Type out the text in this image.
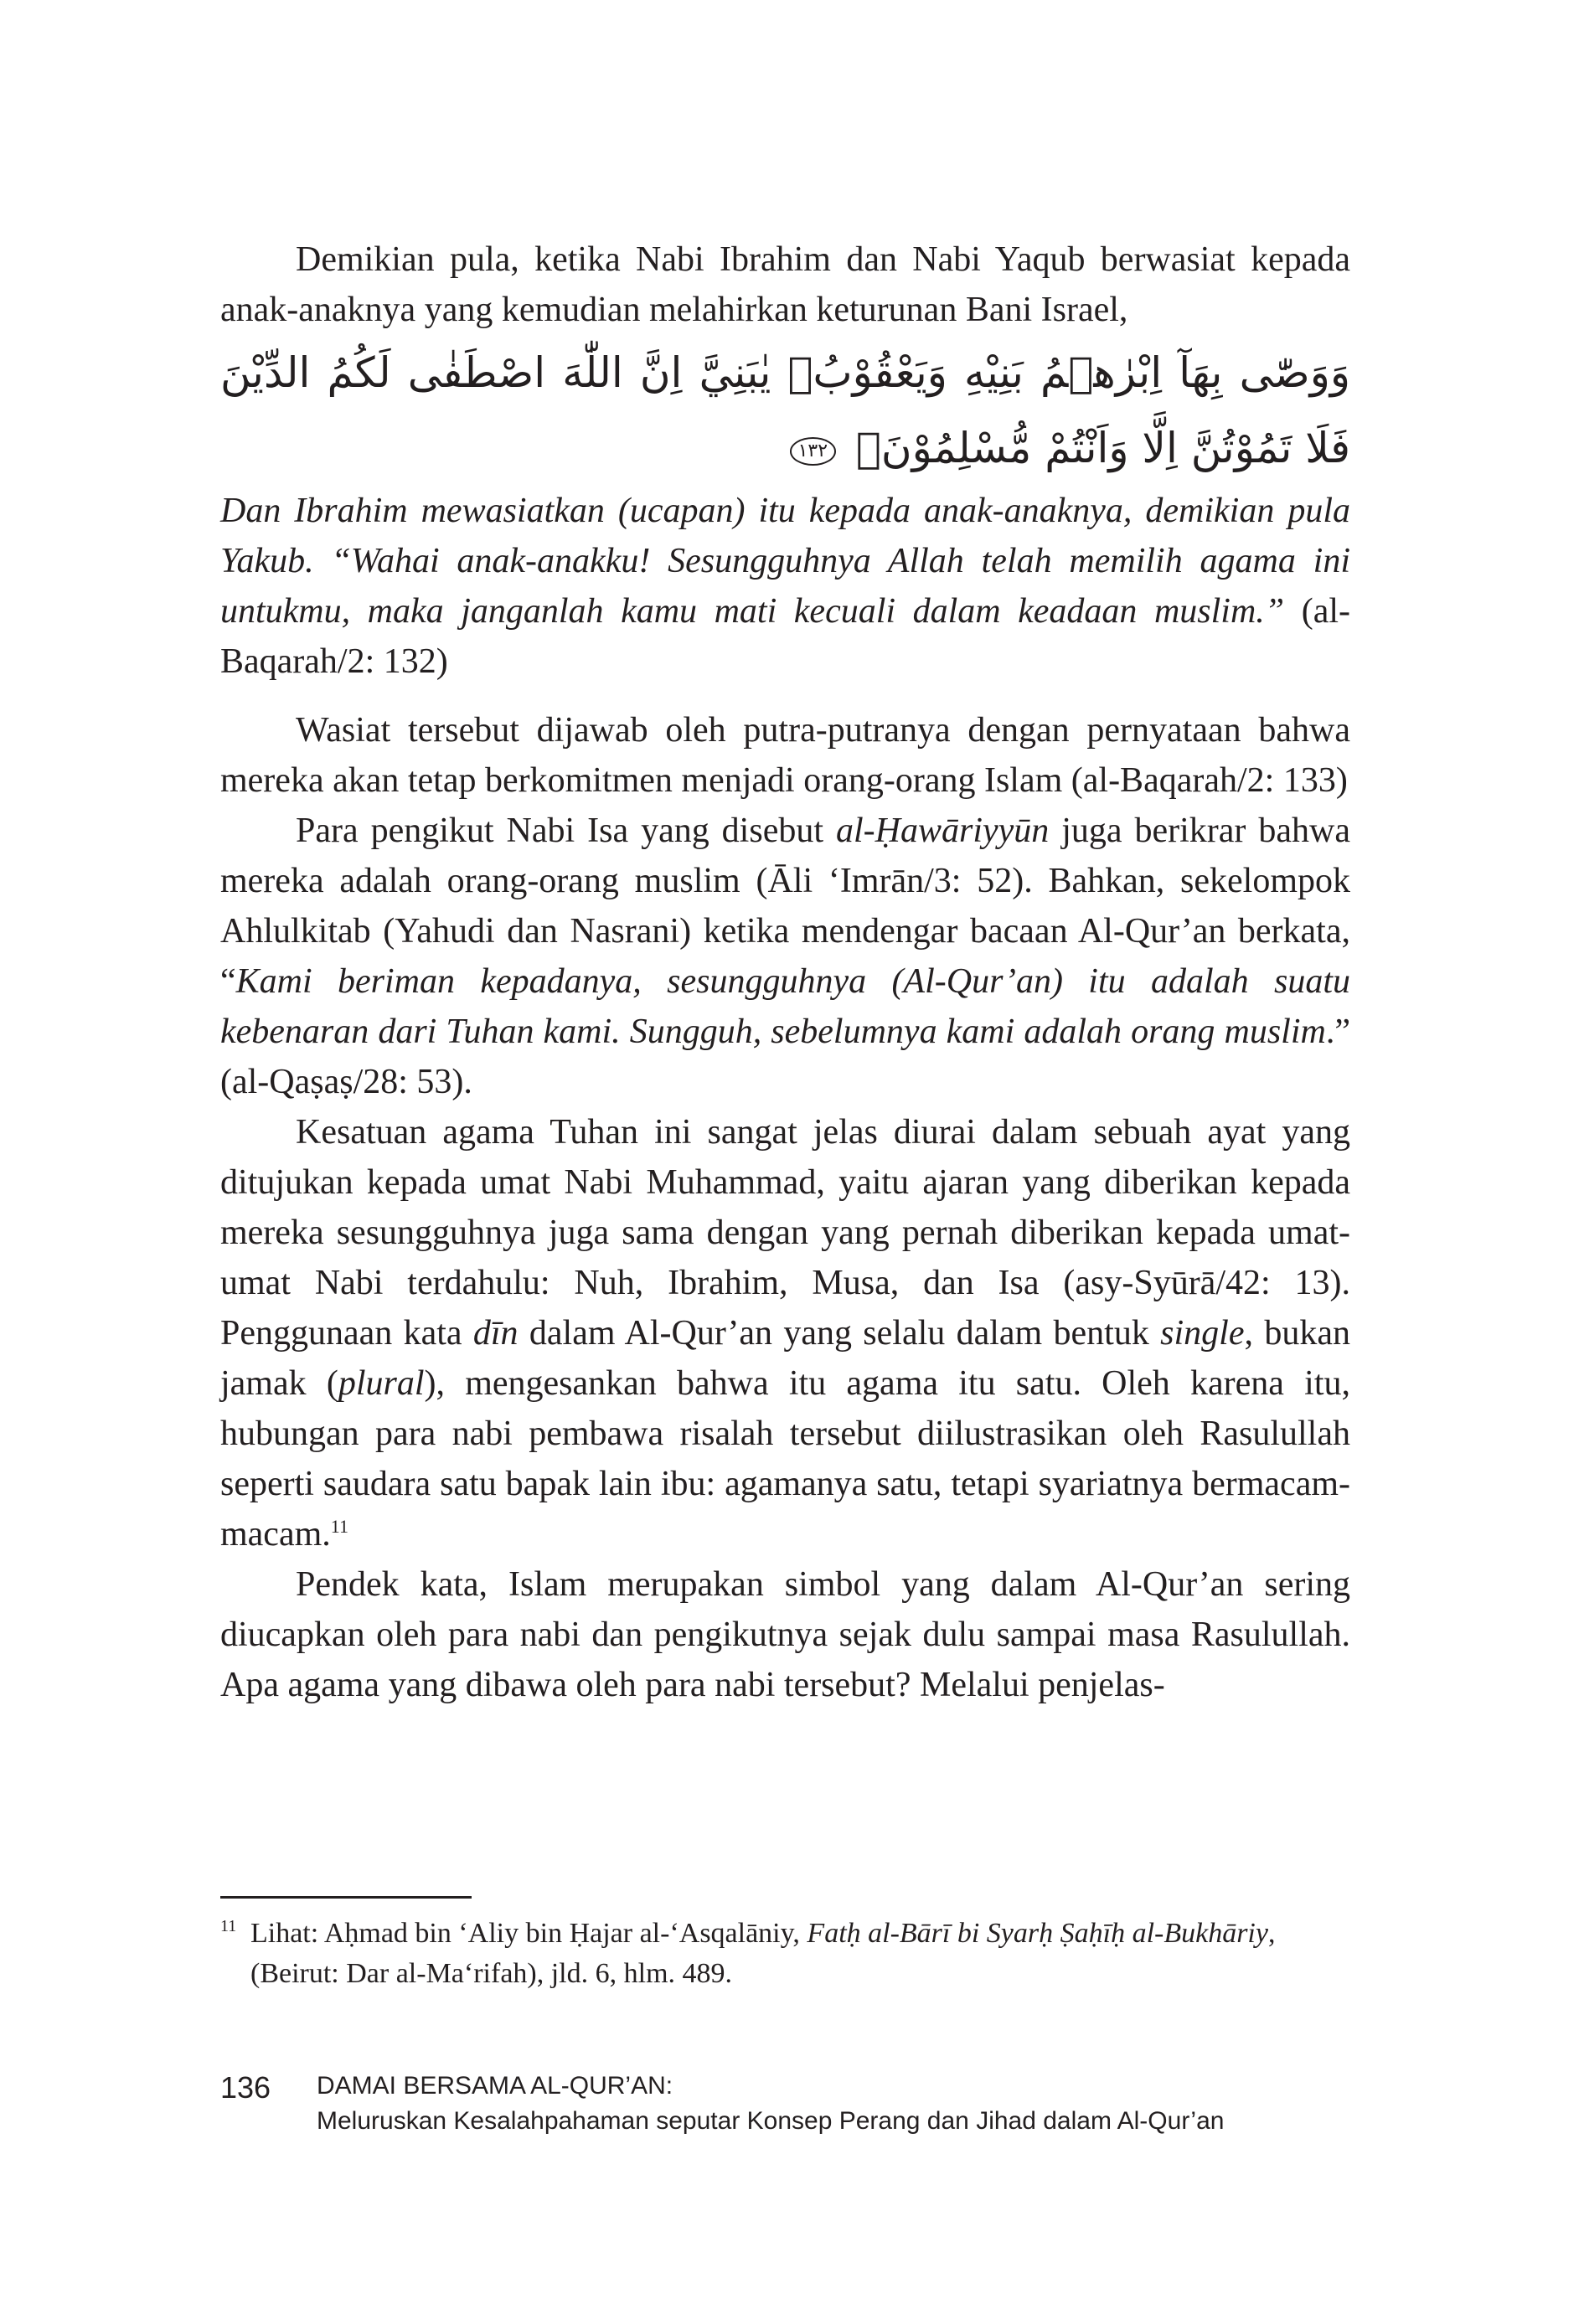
Demikian pula, ketika Nabi Ibrahim dan Nabi Yaqub berwasiat kepada anak-anaknya yang kemudian melahirkan keturunan Bani Israel,

وَوَصّٰى بِهَآ اِبْرٰهٖمُ بَنِيْهِ وَيَعْقُوْبُۗ يٰبَنِيَّ اِنَّ اللّٰهَ اصْطَفٰى لَكُمُ الدِّيْنَ فَلَا تَمُوْتُنَّ اِلَّا وَاَنْتُمْ مُّسْلِمُوْنَۗ ١٣٢

Dan Ibrahim mewasiatkan (ucapan) itu kepada anak-anaknya, demikian pula Yakub. “Wahai anak-anakku! Sesungguhnya Allah telah memilih agama ini untukmu, maka janganlah kamu mati kecuali dalam keadaan muslim.” (al-Baqarah/2: 132)

Wasiat tersebut dijawab oleh putra-putranya dengan pernyataan bahwa mereka akan tetap berkomitmen menjadi orang-orang Islam (al-Baqarah/2: 133)

Para pengikut Nabi Isa yang disebut al-Ḥawāriyyūn juga berikrar bahwa mereka adalah orang-orang muslim (Āli ‘Imrān/3: 52). Bahkan, sekelompok Ahlulkitab (Yahudi dan Nasrani) ketika mendengar bacaan Al-Qur’an berkata, “Kami beriman kepadanya, sesungguhnya (Al-Qur’an) itu adalah suatu kebenaran dari Tuhan kami. Sungguh, sebelumnya kami adalah orang muslim.” (al-Qaṣaṣ/28: 53).

Kesatuan agama Tuhan ini sangat jelas diurai dalam sebuah ayat yang ditujukan kepada umat Nabi Muhammad, yaitu ajaran yang diberikan kepada mereka sesungguhnya juga sama dengan yang pernah diberikan kepada umat-umat Nabi terdahulu: Nuh, Ibrahim, Musa, dan Isa (asy-Syūrā/42: 13). Penggunaan kata dīn dalam Al-Qur’an yang selalu dalam bentuk single, bukan jamak (plural), mengesankan bahwa itu agama itu satu. Oleh karena itu, hubungan para nabi pembawa risalah tersebut diilustrasikan oleh Rasulullah seperti saudara satu bapak lain ibu: agamanya satu, tetapi syariatnya bermacam-macam.$^{11}$

Pendek kata, Islam merupakan simbol yang dalam Al-Qur’an sering diucapkan oleh para nabi dan pengikutnya sejak dulu sampai masa Rasulullah. Apa agama yang dibawa oleh para nabi tersebut? Melalui penjelas-

11 Lihat: Aḥmad bin ‘Aliy bin Ḥajar al-‘Asqalāniy, Fatḥ al-Bārī bi Syarḥ Ṣaḥīḥ al-Bukhāriy, (Beirut: Dar al-Ma‘rifah), jld. 6, hlm. 489.
136 DAMAI BERSAMA AL-QUR’AN:
Meluruskan Kesalahpahaman seputar Konsep Perang dan Jihad dalam Al-Qur’an
